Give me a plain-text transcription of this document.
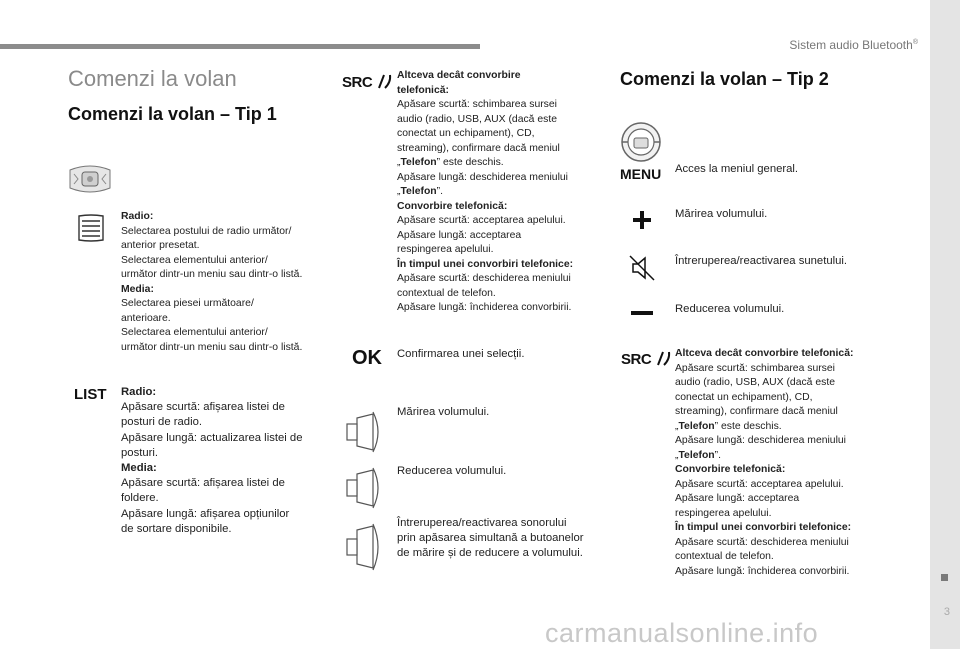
Sistem audio Bluetooth®
3
Comenzi la volan
Comenzi la volan – Tip 1
Radio:
Selectarea postului de radio următor/
anterior presetat.
Selectarea elementului anterior/
următor dintr-un meniu sau dintr-o listă.
Media:
Selectarea piesei următoare/
anterioare.
Selectarea elementului anterior/
următor dintr-un meniu sau dintr-o listă.
LIST Radio:
Apăsare scurtă: afișarea listei de
posturi de radio.
Apăsare lungă: actualizarea listei de
posturi.
Media:
Apăsare scurtă: afișarea listei de
foldere.
Apăsare lungă: afișarea opțiunilor
de sortare disponibile.
SRC	Altceva decât convorbire
telefonică:
Apăsare scurtă: schimbarea sursei
audio (radio, USB, AUX (dacă este
conectat un echipament), CD,
streaming), confirmare dacă meniul
„Telefon” este deschis.
Apăsare lungă: deschiderea meniului
„Telefon”.
Convorbire telefonică:
Apăsare scurtă: acceptarea apelului.
Apăsare lungă: acceptarea
respingerea apelului.
În timpul unei convorbiri telefonice:
Apăsare scurtă: deschiderea meniului
contextual de telefon.
Apăsare lungă: închiderea convorbirii.
OK Confirmarea unei selecții.
Mărirea volumului.
Reducerea volumului.
Întreruperea/reactivarea sonorului
prin apăsarea simultană a butoanelor
de mărire și de reducere a volumului.
Comenzi la volan – Tip 2
MENU Acces la meniul general.
Mărirea volumului.
Întreruperea/reactivarea sunetului.
Reducerea volumului.
SRC	Altceva decât convorbire telefonică:
Apăsare scurtă: schimbarea sursei
audio (radio, USB, AUX (dacă este
conectat un echipament), CD,
streaming), confirmare dacă meniul
„Telefon” este deschis.
Apăsare lungă: deschiderea meniului
„Telefon”.
Convorbire telefonică:
Apăsare scurtă: acceptarea apelului.
Apăsare lungă: acceptarea
respingerea apelului.
În timpul unei convorbiri telefonice:
Apăsare scurtă: deschiderea meniului
contextual de telefon.
Apăsare lungă: închiderea convorbirii.
carmanualsonline.info
